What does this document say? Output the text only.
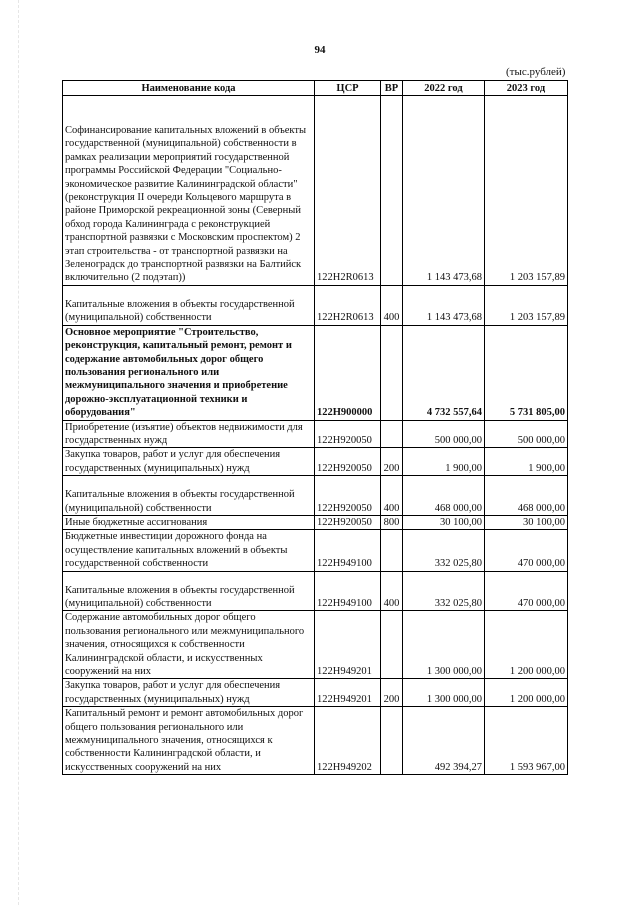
94
(тыс.рублей)
Наименование кода	ЦСР	ВР	2022 год	2023 год

Софинансирование капитальных вложений в объекты государственной (муниципальной) собственности в рамках реализации мероприятий государственной программы Российской Федерации "Социально-экономическое развитие Калининградской области"(реконструкция II очереди Кольцевого маршрута в районе Приморской рекреационной зоны (Северный обход города Калининграда с реконструкцией транспортной развязки с Московским проспектом) 2 этап строительства - от транспортной развязки на Зеленоградск до транспортной развязки на Балтийск включительно (2 подэтап))	122H2R0613		1 143 473,68	1 203 157,89

Капитальные вложения в объекты государственной (муниципальной) собственности	122H2R0613	400	1 143 473,68	1 203 157,89
Основное мероприятие "Строительство, реконструкция, капитальный ремонт, ремонт и содержание автомобильных дорог общего пользования регионального или межмуниципального значения и приобретение дорожно-эксплуатационной техники и оборудования"	122H900000		4 732 557,64	5 731 805,00
Приобретение (изъятие) объектов недвижимости для государственных нужд	122H920050		500 000,00	500 000,00
Закупка товаров, работ и услуг для обеспечения государственных (муниципальных) нужд	122H920050	200	1 900,00	1 900,00

Капитальные вложения в объекты государственной (муниципальной) собственности	122H920050	400	468 000,00	468 000,00
Иные бюджетные ассигнования	122H920050	800	30 100,00	30 100,00
Бюджетные инвестиции дорожного фонда на осуществление капитальных вложений в объекты государственной собственности	122H949100		332 025,80	470 000,00

Капитальные вложения в объекты государственной (муниципальной) собственности	122H949100	400	332 025,80	470 000,00
Содержание автомобильных дорог общего пользования регионального или межмуниципального значения, относящихся к собственности Калининградской области, и искусственных сооружений на них	122H949201		1 300 000,00	1 200 000,00
Закупка товаров, работ и услуг для обеспечения государственных (муниципальных) нужд	122H949201	200	1 300 000,00	1 200 000,00
Капитальный ремонт и ремонт автомобильных дорог общего пользования регионального или межмуниципального значения, относящихся к собственности Калининградской области, и искусственных сооружений на них	122H949202		492 394,27	1 593 967,00
